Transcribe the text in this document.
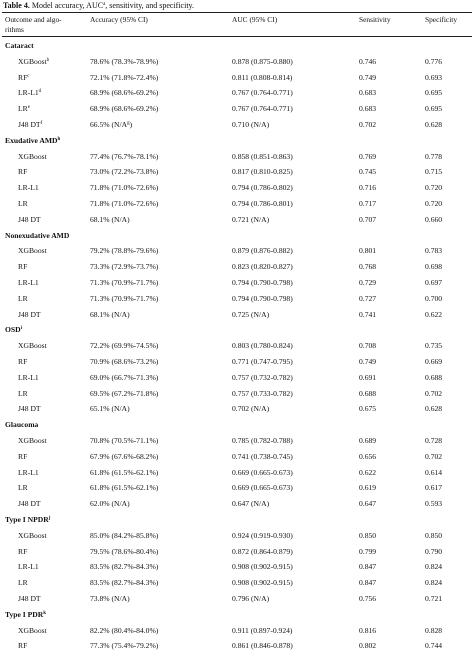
Table 4. Model accuracy, AUC$^a$, sensitivity, and specificity.
Outcome and algo-
rithms
Accuracy (95% CI)	AUC (95% CI)	Sensitivity	Specificity
Cataract
XGBoost$^b$	78.6% (78.3%-78.9%)	0.878 (0.875-0.880)	0.746	0.776
$RF^c$	72.1% (71.8%-72.4%)	0.811 (0.808-0.814)	0.749	0.693
LR-L1$^d$	68.9% (68.6%-69.2%)	0.767 (0.764-0.771)	0.683	0.695
$LR^e$	68.9% (68.6%-69.2%)	0.767 (0.764-0.771)	0.683	0.695
J48 $DT^f$	66.5% $(N/A^g)$	0.710 (N/A)	0.702	0.628
Exudative AMD$^h$
XGBoost	77.4% (76.7%-78.1%)	0.858 (0.851-0.863)	0.769	0.778
RF	73.0% (72.2%-73.8%)	0.817 (0.810-0.825)	0.745	0.715
LR-L1	71.8% (71.0%-72.6%)	0.794 (0.786-0.802)	0.716	0.720
LR	71.8% (71.0%-72.6%)	0.794 (0.786-0.801)	0.717	0.720
J48 DT	68.1% (N/A)	0.721 (N/A)	0.707	0.660
Nonexudative AMD
XGBoost	79.2% (78.8%-79.6%)	0.879 (0.876-0.882)	0.801	0.783
RF	73.3% (72.9%-73.7%)	0.823 (0.820-0.827)	0.768	0.698
LR-L1	71.3% (70.9%-71.7%)	0.794 (0.790-0.798)	0.729	0.697
LR	71.3% (70.9%-71.7%)	0.794 (0.790-0.798)	0.727	0.700
J48 DT	68.1% (N/A)	0.725 (N/A)	0.741	0.622
OSD$^i$
XGBoost	72.2% (69.9%-74.5%)	0.803 (0.780-0.824)	0.708	0.735
RF	70.9% (68.6%-73.2%)	0.771 (0.747-0.795)	0.749	0.669
LR-L1	69.0% (66.7%-71.3%)	0.757 (0.732-0.782)	0.691	0.688
LR	69.5% (67.2%-71.8%)	0.757 (0.733-0.782)	0.688	0.702
J48 DT	65.1% (N/A)	0.702 (N/A)	0.675	0.628
Glaucoma
XGBoost	70.8% (70.5%-71.1%)	0.785 (0.782-0.788)	0.689	0.728
RF	67.9% (67.6%-68.2%)	0.741 (0.738-0.745)	0.656	0.702
LR-L1	61.8% (61.5%-62.1%)	0.669 (0.665-0.673)	0.622	0.614
LR	61.8% (61.5%-62.1%)	0.669 (0.665-0.673)	0.619	0.617
J48 DT	62.0% (N/A)	0.647 (N/A)	0.647	0.593
Type I NPDR$^j$
XGBoost	85.0% (84.2%-85.8%)	0.924 (0.919-0.930)	0.850	0.850
RF	79.5% (78.6%-80.4%)	0.872 (0.864-0.879)	0.799	0.790
LR-L1	83.5% (82.7%-84.3%)	0.908 (0.902-0.915)	0.847	0.824
LR	83.5% (82.7%-84.3%)	0.908 (0.902-0.915)	0.847	0.824
J48 DT	73.8% (N/A)	0.796 (N/A)	0.756	0.721
Type I PDR$^k$
XGBoost	82.2% (80.4%-84.0%)	0.911 (0.897-0.924)	0.816	0.828
RF	77.3% (75.4%-79.2%)	0.861 (0.846-0.878)	0.802	0.744
